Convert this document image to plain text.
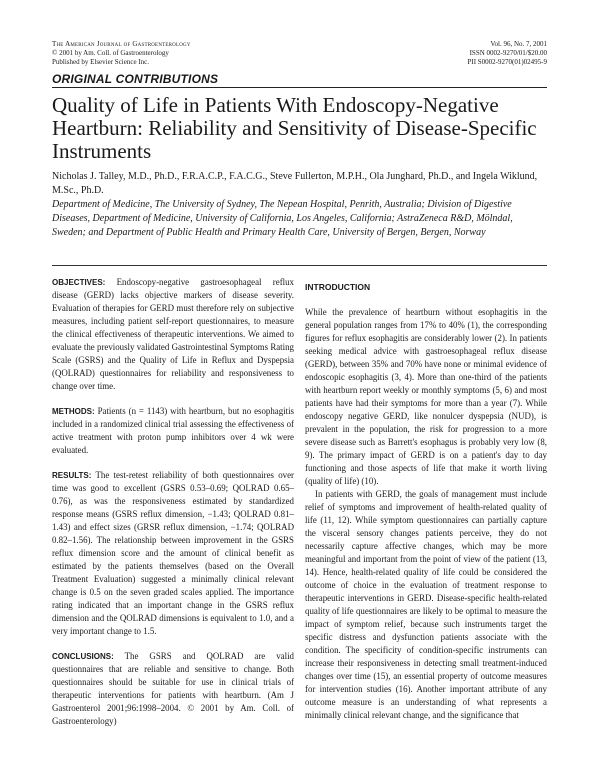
The American Journal of Gastroenterology
© 2001 by Am. Coll. of Gastroenterology
Published by Elsevier Science Inc.
Vol. 96, No. 7, 2001
ISSN 0002-9270/01/$20.00
PII S0002-9270(01)02495-9
ORIGINAL CONTRIBUTIONS
Quality of Life in Patients With Endoscopy-Negative Heartburn: Reliability and Sensitivity of Disease-Specific Instruments
Nicholas J. Talley, M.D., Ph.D., F.R.A.C.P., F.A.C.G., Steve Fullerton, M.P.H., Ola Junghard, Ph.D., and Ingela Wiklund, M.Sc., Ph.D.
Department of Medicine, The University of Sydney, The Nepean Hospital, Penrith, Australia; Division of Digestive Diseases, Department of Medicine, University of California, Los Angeles, California; AstraZeneca R&D, Mölndal, Sweden; and Department of Public Health and Primary Health Care, University of Bergen, Bergen, Norway

OBJECTIVES: Endoscopy-negative gastroesophageal reflux disease (GERD) lacks objective markers of disease severity. Evaluation of therapies for GERD must therefore rely on subjective measures, including patient self-report questionnaires, to measure the clinical effectiveness of therapeutic interventions. We aimed to evaluate the previously validated Gastrointestinal Symptoms Rating Scale (GSRS) and the Quality of Life in Reflux and Dyspepsia (QOLRAD) questionnaires for reliability and responsiveness to change over time.

METHODS: Patients (n = 1143) with heartburn, but no esophagitis included in a randomized clinical trial assessing the effectiveness of active treatment with proton pump inhibitors over 4 wk were evaluated.

RESULTS: The test-retest reliability of both questionnaires over time was good to excellent (GSRS 0.53–0.69; QOLRAD 0.65–0.76), as was the responsiveness estimated by standardized response means (GSRS reflux dimension, −1.43; QOLRAD 0.81–1.43) and effect sizes (GRSR reflux dimension, −1.74; QOLRAD 0.82–1.56). The relationship between improvement in the GSRS reflux dimension score and the amount of clinical benefit as estimated by the patients themselves (based on the Overall Treatment Evaluation) suggested a minimally clinical relevant change is 0.5 on the seven graded scales applied. The importance rating indicated that an important change in the GSRS reflux dimension and the QOLRAD dimensions is equivalent to 1.0, and a very important change to 1.5.

CONCLUSIONS: The GSRS and QOLRAD are valid questionnaires that are reliable and sensitive to change. Both questionnaires should be suitable for use in clinical trials of therapeutic interventions for patients with heartburn. (Am J Gastroenterol 2001;96:1998–2004. © 2001 by Am. Coll. of Gastroenterology)

INTRODUCTION

While the prevalence of heartburn without esophagitis in the general population ranges from 17% to 40% (1), the corresponding figures for reflux esophagitis are considerably lower (2). In patients seeking medical advice with gastroesophageal reflux disease (GERD), between 35% and 70% have none or minimal evidence of endoscopic esophagitis (3, 4). More than one-third of the patients with heartburn report weekly or monthly symptoms (5, 6) and most patients have had their symptoms for more than a year (7). While endoscopy negative GERD, like nonulcer dyspepsia (NUD), is prevalent in the population, the risk for progression to a more severe disease such as Barrett's esophagus is probably very low (8, 9). The primary impact of GERD is on a patient's day to day functioning and those aspects of life that make it worth living (quality of life) (10).

In patients with GERD, the goals of management must include relief of symptoms and improvement of health-related quality of life (11, 12). While symptom questionnaires can partially capture the visceral sensory changes patients perceive, they do not necessarily capture affective changes, which may be more meaningful and important from the point of view of the patient (13, 14). Hence, health-related quality of life could be considered the outcome of choice in the evaluation of treatment response to therapeutic interventions in GERD. Disease-specific health-related quality of life questionnaires are likely to be optimal to measure the impact of symptom relief, because such instruments target the specific distress and dysfunction patients associate with the condition. The specificity of condition-specific instruments can increase their responsiveness in detecting small treatment-induced changes over time (15), an essential property of outcome measures for intervention studies (16). Another important attribute of any outcome measure is an understanding of what represents a minimally clinical relevant change, and the significance that
